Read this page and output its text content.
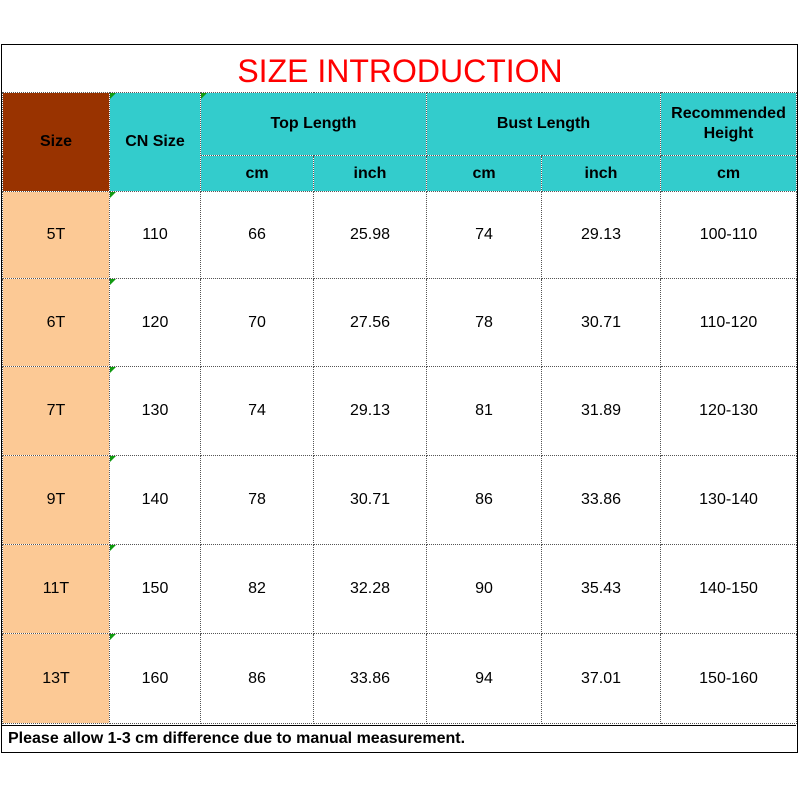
SIZE INTRODUCTION
Size	CN Size	Top Length		Bust Length		Recommended Height
		cm	inch	cm	inch	cm
5T	110	66	25.98	74	29.13	100-110
6T	120	70	27.56	78	30.71	110-120
7T	130	74	29.13	81	31.89	120-130
9T	140	78	30.71	86	33.86	130-140
11T	150	82	32.28	90	35.43	140-150
13T	160	86	33.86	94	37.01	150-160
Please allow 1-3 cm difference due to manual measurement.
